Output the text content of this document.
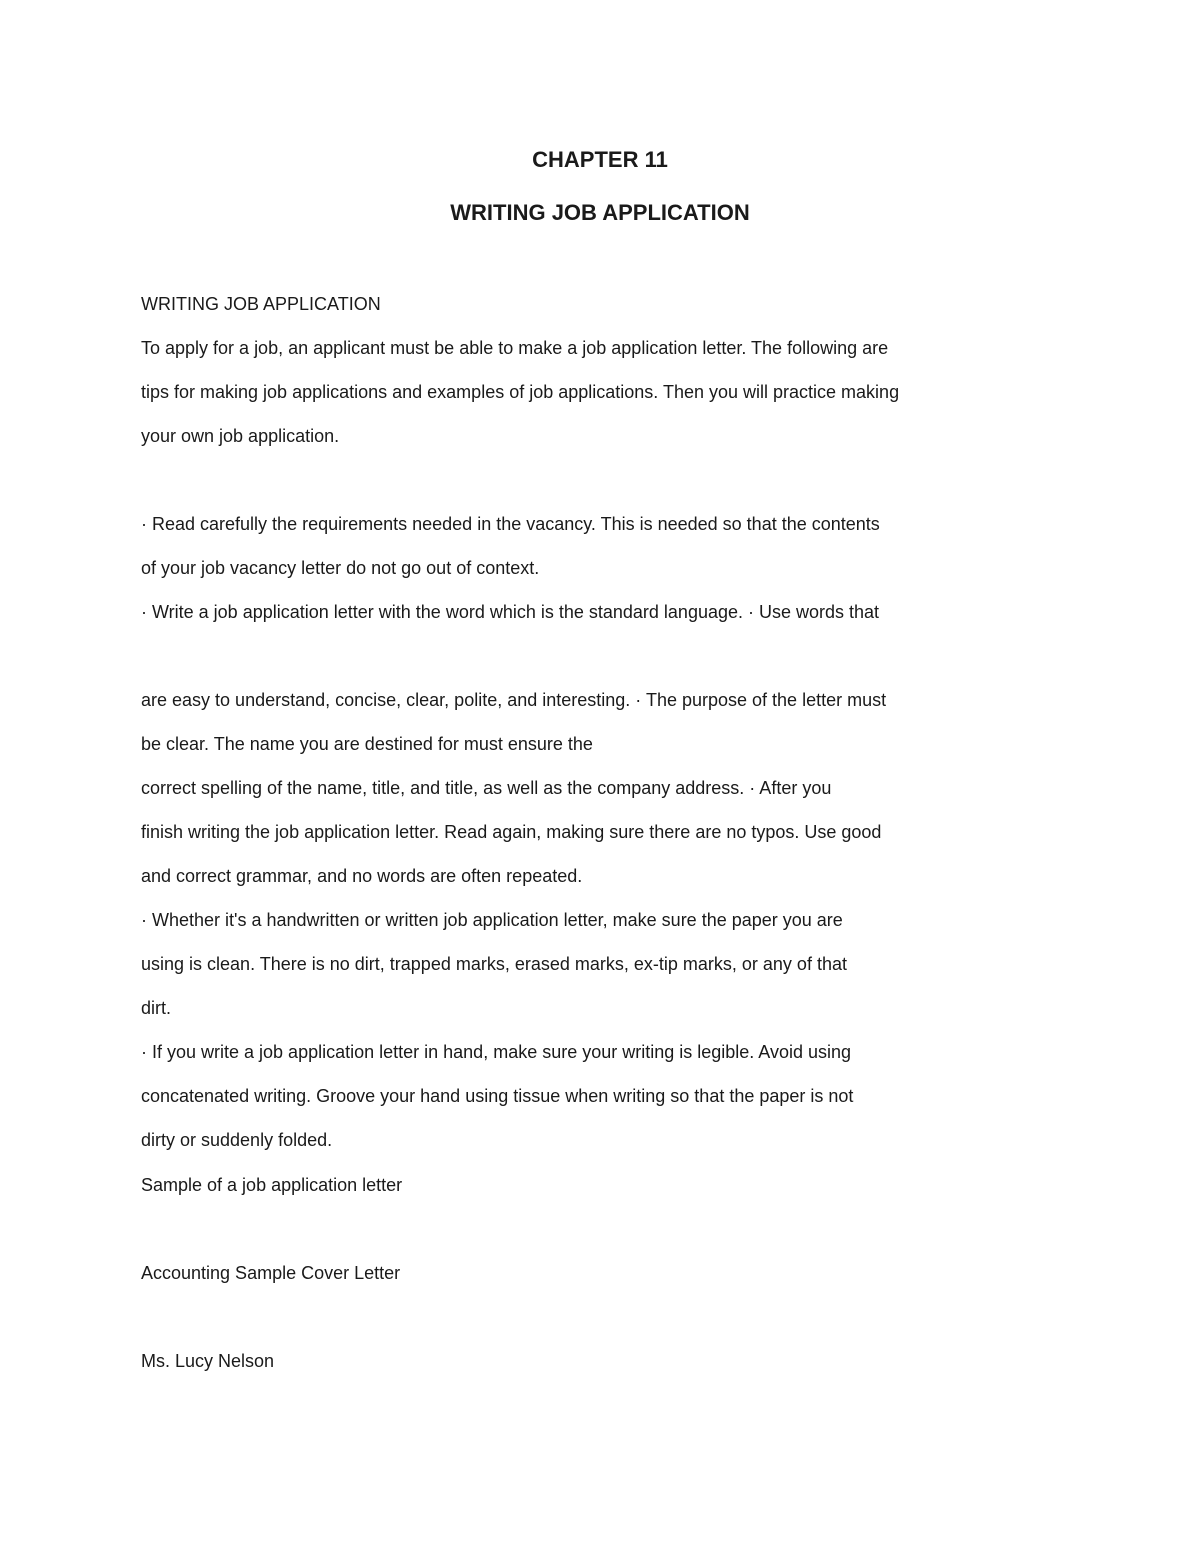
CHAPTER 11
WRITING JOB APPLICATION
WRITING JOB APPLICATION
To apply for a job, an applicant must be able to make a job application letter. The following are
tips for making job applications and examples of job applications. Then you will practice making
your own job application.
· Read carefully the requirements needed in the vacancy. This is needed so that the contents
of your job vacancy letter do not go out of context.
· Write a job application letter with the word which is the standard language. · Use words that
are easy to understand, concise, clear, polite, and interesting. · The purpose of the letter must
be clear. The name you are destined for must ensure the
correct spelling of the name, title, and title, as well as the company address. · After you
finish writing the job application letter. Read again, making sure there are no typos. Use good
and correct grammar, and no words are often repeated.
· Whether it's a handwritten or written job application letter, make sure the paper you are
using is clean. There is no dirt, trapped marks, erased marks, ex-tip marks, or any of that
dirt.
· If you write a job application letter in hand, make sure your writing is legible. Avoid using
concatenated writing. Groove your hand using tissue when writing so that the paper is not
dirty or suddenly folded.
Sample of a job application letter
Accounting Sample Cover Letter
Ms. Lucy Nelson
